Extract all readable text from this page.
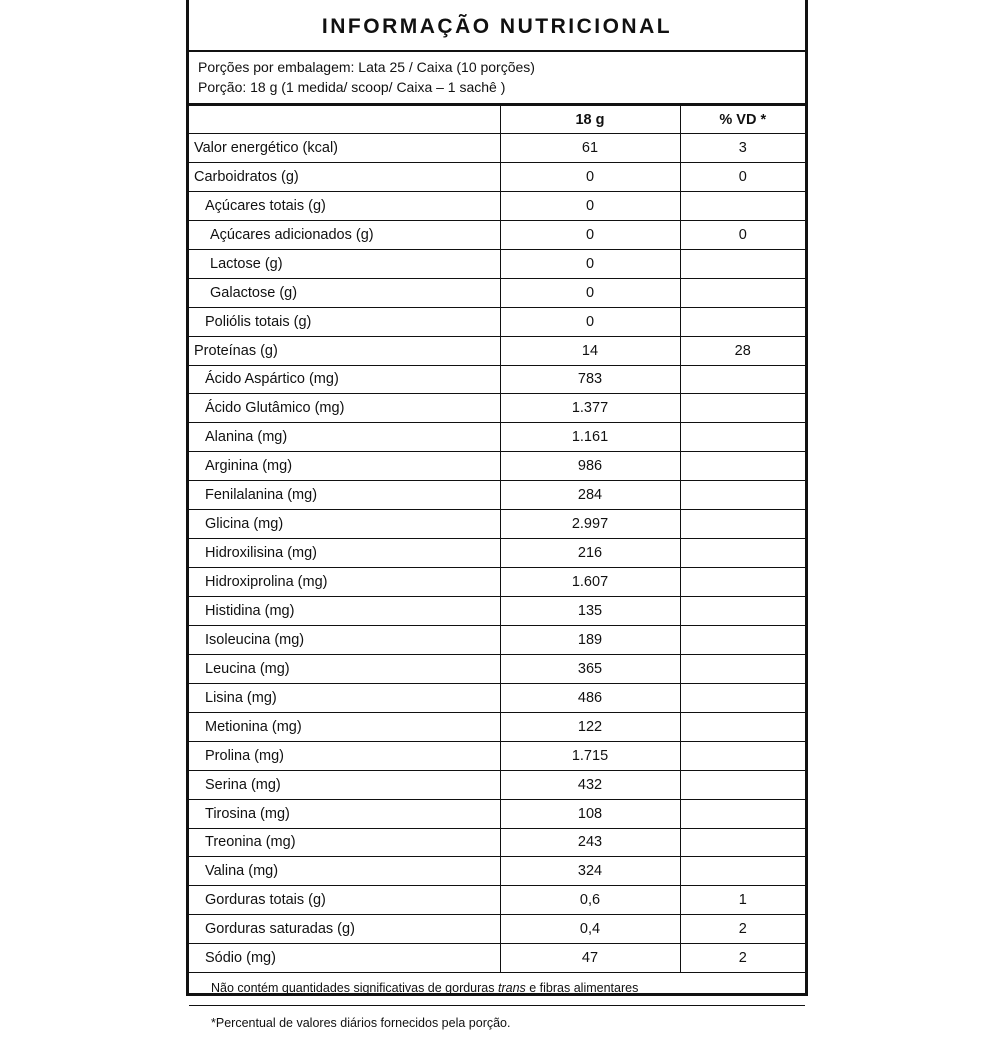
INFORMAÇÃO NUTRICIONAL
Porções por embalagem: Lata 25 / Caixa (10 porções)
Porção: 18 g (1 medida/ scoop/ Caixa – 1 sachê )
	18 g	% VD *
Valor energético (kcal)	61	3
Carboidratos (g)	0	0
Açúcares totais (g)	0	
Açúcares adicionados (g)	0	0
Lactose (g)	0	
Galactose (g)	0	
Poliólis totais (g)	0	
Proteínas (g)	14	28
Ácido Aspártico (mg)	783	
Ácido Glutâmico (mg)	1.377	
Alanina (mg)	1.161	
Arginina (mg)	986	
Fenilalanina (mg)	284	
Glicina (mg)	2.997	
Hidroxilisina (mg)	216	
Hidroxiprolina (mg)	1.607	
Histidina (mg)	135	
Isoleucina (mg)	189	
Leucina (mg)	365	
Lisina (mg)	486	
Metionina (mg)	122	
Prolina (mg)	1.715	
Serina (mg)	432	
Tirosina (mg)	108	
Treonina (mg)	243	
Valina (mg)	324	
Gorduras totais (g)	0,6	1
Gorduras saturadas (g)	0,4	2
Sódio (mg)	47	2
Não contém quantidades significativas de gorduras trans e fibras alimentares
*Percentual de valores diários fornecidos pela porção.
